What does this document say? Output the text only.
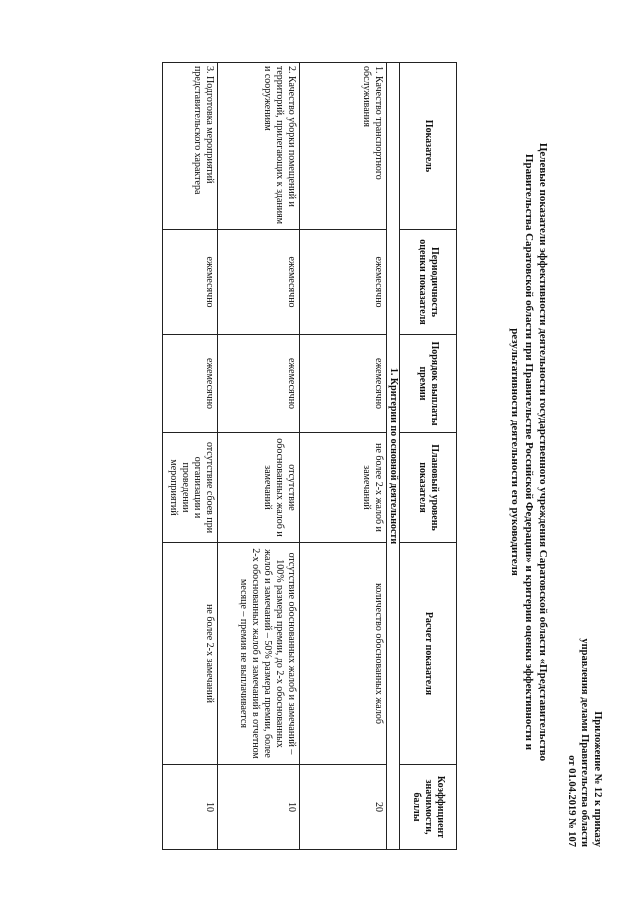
Приложение № 12 к приказу
управления делами Правительства области
от 01.04.2019 № 107
Целевые показатели эффективности деятельности государственного учреждения Саратовской области «Представительство
Правительства Саратовской области при Правительстве Российской Федерации» и критерии оценки эффективности и
результативности деятельности его руководителя
Показатель	Периодичность оценки показателя	Порядок выплаты премии	Плановый уровень показателя	Расчет показателя	Коэффициент значимости, баллы
1. Критерии по основной деятельности					
1. Качество транспортного обслуживания	ежемесячно	ежемесячно	не более 2-х жалоб и замечаний	количество обоснованных жалоб	20
2. Качество уборки помещений и территорий, прилегающих к зданиям и сооружениям	ежемесячно	ежемесячно	отсутствие обоснованных жалоб и замечаний	отсутствие обоснованных жалоб и замечаний – 100% размера премии, до 2-х обоснованных жалоб и замечаний – 50% размера премии, более 2-х обоснованных жалоб и замечаний в отчетном месяце – премия не выплачивается	10
3. Подготовка мероприятий представительского характера	ежемесячно	ежемесячно	отсутствие сбоев при организации и проведении мероприятий	не более 2-х замечаний	10
